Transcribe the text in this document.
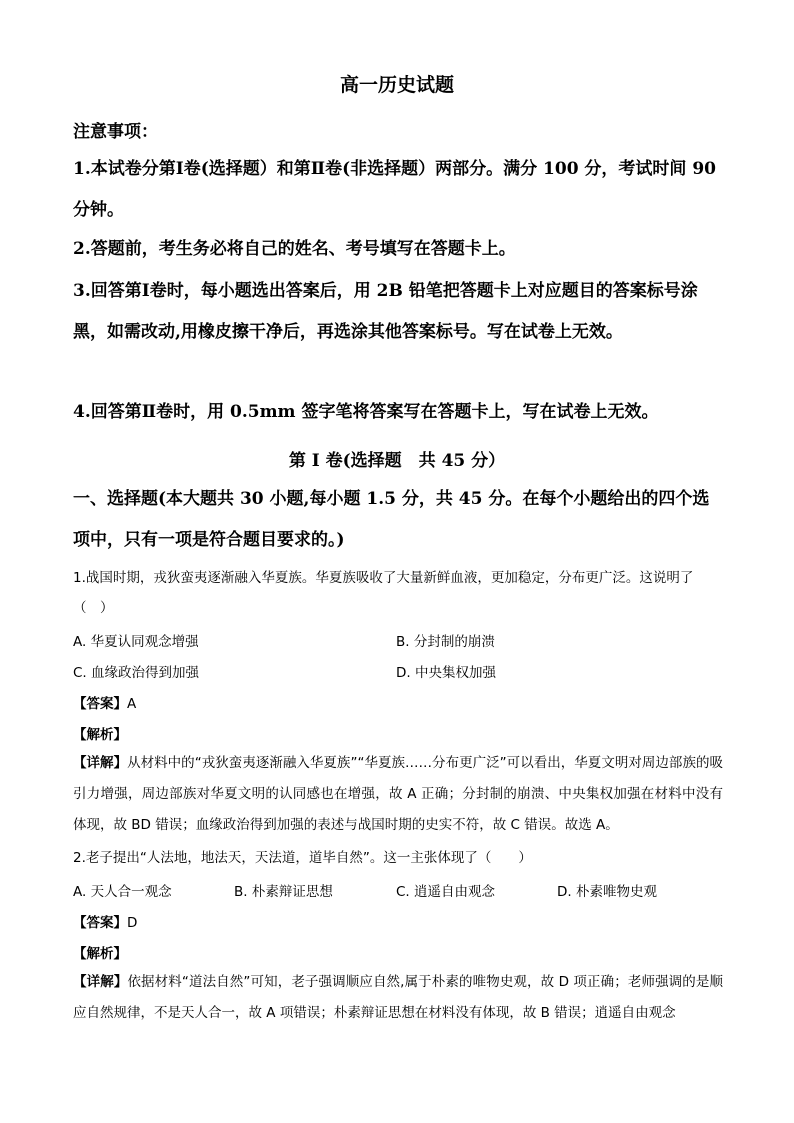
高一历史试题
注意事项：
1.本试卷分第Ⅰ卷(选择题）和第Ⅱ卷(非选择题）两部分。满分 100 分，考试时间 90 分钟。
2.答题前，考生务必将自己的姓名、考号填写在答题卡上。
3.回答第Ⅰ卷时，每小题选出答案后，用 2B 铅笔把答题卡上对应题目的答案标号涂黑，如需改动,用橡皮擦干净后，再选涂其他答案标号。写在试卷上无效。
4.回答第Ⅱ卷时，用 0.5mm 签字笔将答案写在答题卡上，写在试卷上无效。
第 I 卷(选择题　共 45 分）
一、选择题(本大题共 30 小题,每小题 1.5 分，共 45 分。在每个小题给出的四个选项中，只有一项是符合题目要求的。)
1.战国时期，戎狄蛮夷逐渐融入华夏族。华夏族吸收了大量新鲜血液，更加稳定，分布更广泛。这说明了（　）
A. 华夏认同观念增强	B. 分封制的崩溃
C. 血缘政治得到加强	D. 中央集权加强
【答案】A
【解析】
【详解】从材料中的“戎狄蛮夷逐渐融入华夏族”“华夏族……分布更广泛”可以看出，华夏文明对周边部族的吸引力增强，周边部族对华夏文明的认同感也在增强，故 A 正确；分封制的崩溃、中央集权加强在材料中没有体现，故 BD 错误；血缘政治得到加强的表述与战国时期的史实不符，故 C 错误。故选 A。
2.老子提出“人法地，地法天，天法道，道毕自然”。这一主张体现了（　　）
A. 天人合一观念	B. 朴素辩证思想	C. 逍遥自由观念	D. 朴素唯物史观
【答案】D
【解析】
【详解】依据材料“道法自然”可知，老子强调顺应自然,属于朴素的唯物史观，故 D 项正确；老师强调的是顺应自然规律，不是天人合一，故 A 项错误；朴素辩证思想在材料没有体现，故 B 错误；逍遥自由观念
